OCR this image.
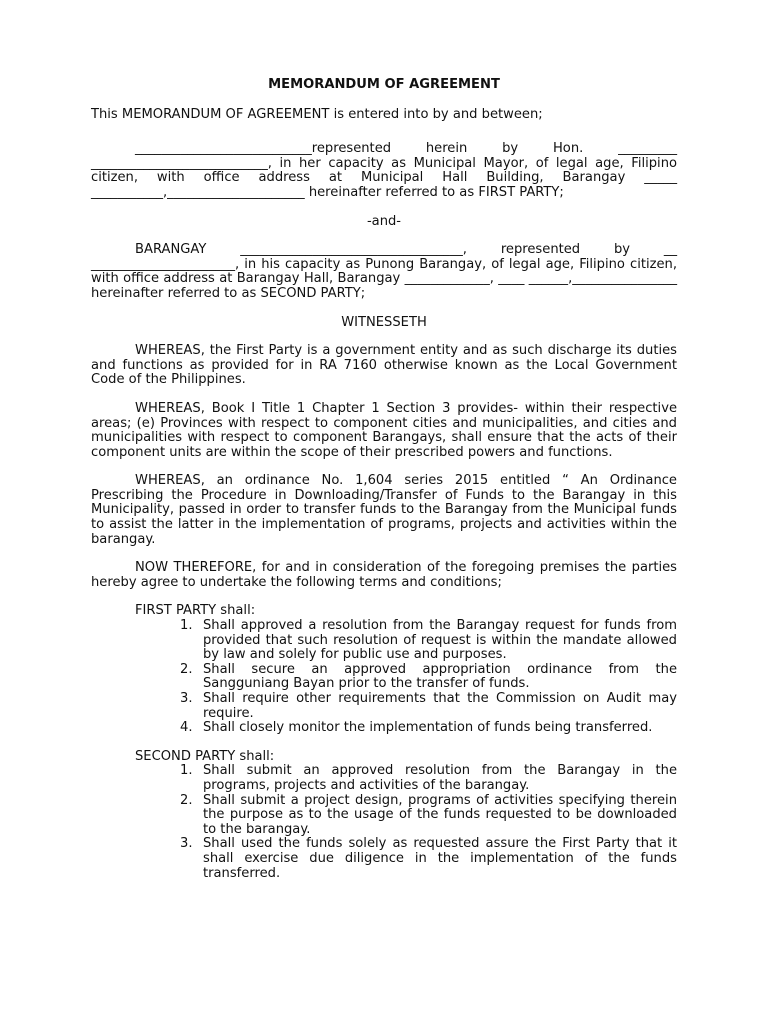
MEMORANDUM OF AGREEMENT

This MEMORANDUM OF AGREEMENT is entered into by and between;

___________________________represented herein by Hon. _________ ___________________________, in her capacity as Municipal Mayor, of legal age, Filipino citizen, with office address at Municipal Hall Building, Barangay _____ ___________,_____________________ hereinafter referred to as FIRST PARTY;

-and-

BARANGAY __________________________________, represented by __ ______________________, in his capacity as Punong Barangay, of legal age, Filipino citizen, with office address at Barangay Hall, Barangay _____________, ____ ______,________________ hereinafter referred to as SECOND PARTY;

WITNESSETH

WHEREAS, the First Party is a government entity and as such discharge its duties and functions as provided for in RA 7160 otherwise known as the Local Government Code of the Philippines.

WHEREAS, Book I Title 1 Chapter 1 Section 3 provides- within their respective areas; (e) Provinces with respect to component cities and municipalities, and cities and municipalities with respect to component Barangays, shall ensure that the acts of their component units are within the scope of their prescribed powers and functions.

WHEREAS, an ordinance No. 1,604 series 2015 entitled “ An Ordinance Prescribing the Procedure in Downloading/Transfer of Funds to the Barangay in this Municipality, passed in order to transfer funds to the Barangay from the Municipal funds to assist the latter in the implementation of programs, projects and activities within the barangay.

NOW THEREFORE, for and in consideration of the foregoing premises the parties hereby agree to undertake the following terms and conditions;

FIRST PARTY shall:

1. Shall approved a resolution from the Barangay request for funds from provided that such resolution of request is within the mandate allowed by law and solely for public use and purposes.
2. Shall secure an approved appropriation ordinance from the Sangguniang Bayan prior to the transfer of funds.
3. Shall require other requirements that the Commission on Audit may require.
4. Shall closely monitor the implementation of funds being transferred.

SECOND PARTY shall:

1. Shall submit an approved resolution from the Barangay in the programs, projects and activities of the barangay.
2. Shall submit a project design, programs of activities specifying therein the purpose as to the usage of the funds requested to be downloaded to the barangay.
3. Shall used the funds solely as requested assure the First Party that it shall exercise due diligence in the implementation of the funds transferred.
